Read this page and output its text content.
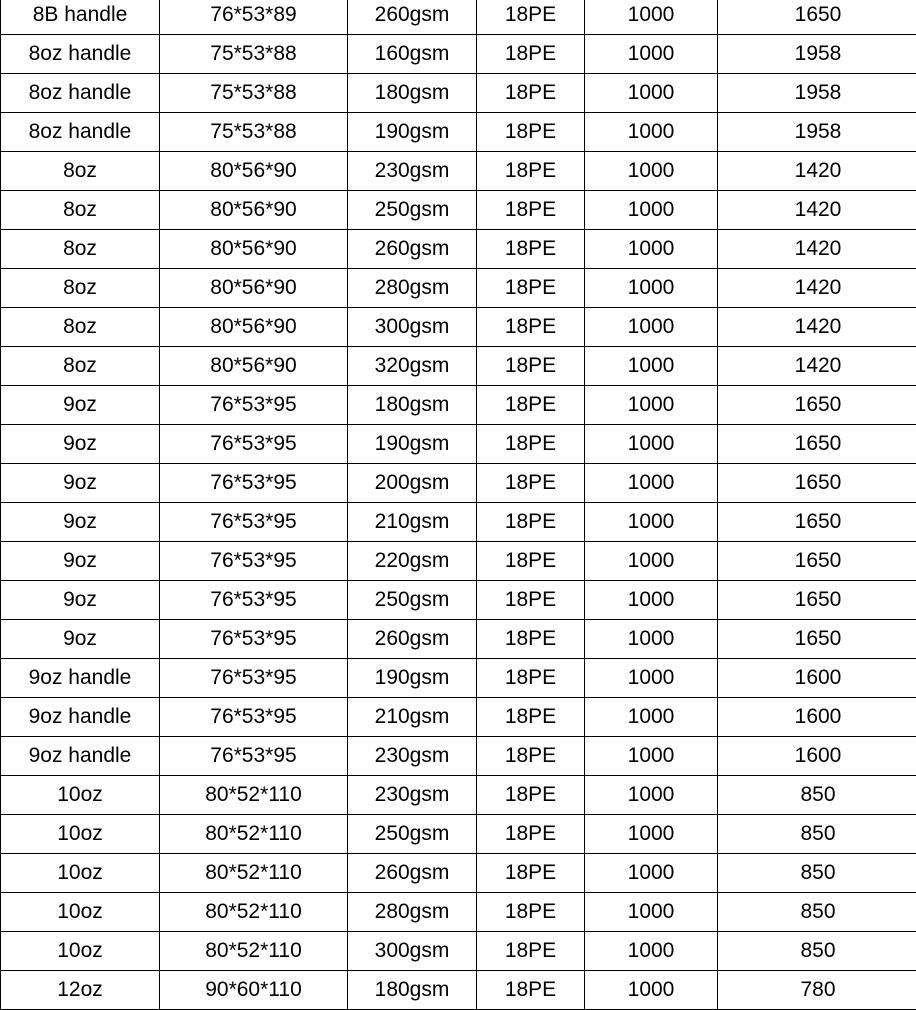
8B handle	76*53*89	260gsm	18PE	1000	1650
8oz handle	75*53*88	160gsm	18PE	1000	1958
8oz handle	75*53*88	180gsm	18PE	1000	1958
8oz handle	75*53*88	190gsm	18PE	1000	1958
8oz	80*56*90	230gsm	18PE	1000	1420
8oz	80*56*90	250gsm	18PE	1000	1420
8oz	80*56*90	260gsm	18PE	1000	1420
8oz	80*56*90	280gsm	18PE	1000	1420
8oz	80*56*90	300gsm	18PE	1000	1420
8oz	80*56*90	320gsm	18PE	1000	1420
9oz	76*53*95	180gsm	18PE	1000	1650
9oz	76*53*95	190gsm	18PE	1000	1650
9oz	76*53*95	200gsm	18PE	1000	1650
9oz	76*53*95	210gsm	18PE	1000	1650
9oz	76*53*95	220gsm	18PE	1000	1650
9oz	76*53*95	250gsm	18PE	1000	1650
9oz	76*53*95	260gsm	18PE	1000	1650
9oz handle	76*53*95	190gsm	18PE	1000	1600
9oz handle	76*53*95	210gsm	18PE	1000	1600
9oz handle	76*53*95	230gsm	18PE	1000	1600
10oz	80*52*110	230gsm	18PE	1000	850
10oz	80*52*110	250gsm	18PE	1000	850
10oz	80*52*110	260gsm	18PE	1000	850
10oz	80*52*110	280gsm	18PE	1000	850
10oz	80*52*110	300gsm	18PE	1000	850
12oz	90*60*110	180gsm	18PE	1000	780
